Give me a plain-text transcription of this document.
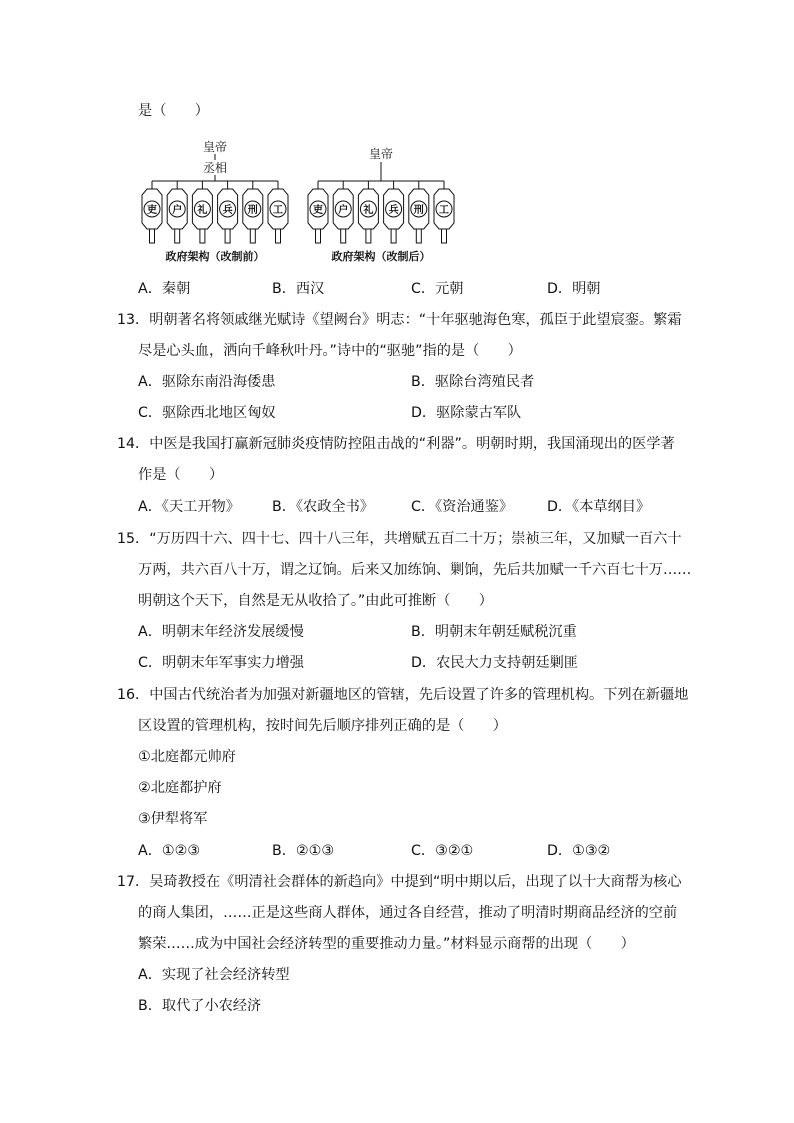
是（　　）
皇帝
丞相
吏 户 礼 兵 刑 工
政府架构（改制前）
皇帝
吏 户 礼 兵 刑 工
政府架构（改制后）
A．秦朝	B．西汉	C．元朝	D．明朝
13．明朝著名将领戚继光赋诗《望阙台》明志：“十年驱驰海色寒，孤臣于此望宸銮。繁霜
尽是心头血，洒向千峰秋叶丹。”诗中的“驱驰”指的是（　　）
A．驱除东南沿海倭患	B．驱除台湾殖民者
C．驱除西北地区匈奴	D．驱除蒙古军队
14．中医是我国打赢新冠肺炎疫情防控阻击战的“利器”。明朝时期，我国涌现出的医学著
作是（　　）
A．《天工开物》 B．《农政全书》	C．《资治通鉴》 D．《本草纲目》
15．“万历四十六、四十七、四十八三年，共增赋五百二十万；崇祯三年，又加赋一百六十
万两，共六百八十万，谓之辽饷。后来又加练饷、剿饷，先后共加赋一千六百七十万……
明朝这个天下，自然是无从收拾了。”由此可推断（　　）
A．明朝末年经济发展缓慢	B．明朝末年朝廷赋税沉重
C．明朝末年军事实力增强	D．农民大力支持朝廷剿匪
16．中国古代统治者为加强对新疆地区的管辖，先后设置了许多的管理机构。下列在新疆地
区设置的管理机构，按时间先后顺序排列正确的是（　　）
①北庭都元帅府
②北庭都护府
③伊犁将军
A．①②③	B．②①③	C．③②①	D．①③②
17．吴琦教授在《明清社会群体的新趋向》中提到“明中期以后，出现了以十大商帮为核心
的商人集团，……正是这些商人群体，通过各自经营，推动了明清时期商品经济的空前
繁荣……成为中国社会经济转型的重要推动力量。”材料显示商帮的出现（　　）
A．实现了社会经济转型
B．取代了小农经济
